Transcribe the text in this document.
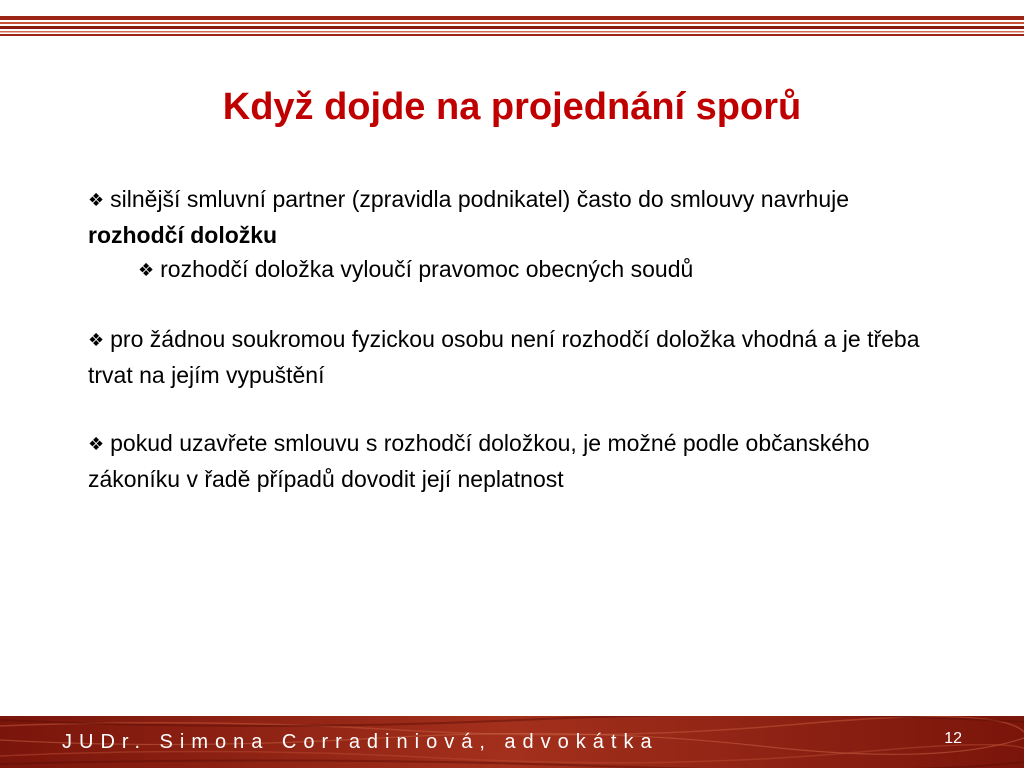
Když dojde na projednání sporů

❖ silnější smluvní partner (zpravidla podnikatel) často do smlouvy navrhuje rozhodčí doložku

❖ rozhodčí doložka vyloučí pravomoc obecných soudů

❖ pro žádnou soukromou fyzickou osobu není rozhodčí doložka vhodná a je třeba trvat na jejím vypuštění

❖ pokud uzavřete smlouvu s rozhodčí doložkou, je možné podle občanského zákoníku v řadě případů dovodit její neplatnost

JUDr. Simona Corradiniová, advokátka	12
